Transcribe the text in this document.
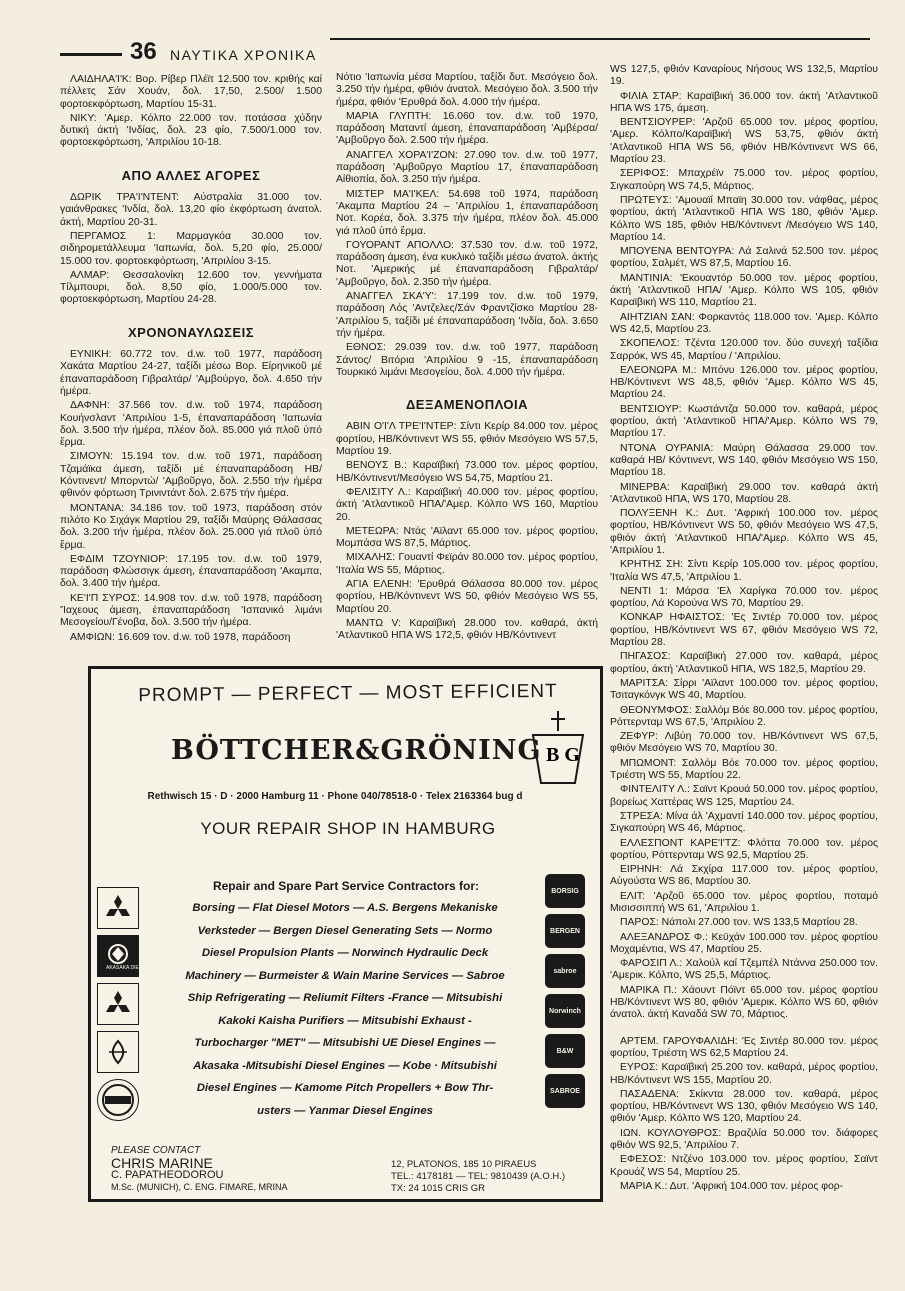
36 ΝΑΥΤΙΚΑ ΧΡΟΝΙΚΑ

ΛΑΙΔΗΛΑ'Ι'Κ: Βορ. Ρίβερ Πλέϊτ 12.500 τον. κριθής καί πέλλετς Σάν Χουάν, δολ. 17,50, 2.500/ 1.500 φορτοεκφόρτωση, Μαρτίου 15-31.

ΝΙΚΥ: 'Αμερ. Κόλπο 22.000 τον. ποτάσσα χύδην δυτική άκτή 'Ινδίας, δολ. 23 φίο, 7.500/1.000 τον. φορτοεκφόρτωση, 'Απριλίου 10-18.

ΑΠΟ ΑΛΛΕΣ ΑΓΟΡΕΣ

ΔΩΡΙΚ ΤΡΑ'Ι'ΝΤΕΝΤ: Αύστραλία 31.000 τον. γαιάνθρακες 'Ινδία, δολ. 13,20 φίο έκφόρτωση άνατολ. άκτή, Μαρτίου 20-31.

ΠΕΡΓΑΜΟΣ 1: Μαρμαγκόα 30.000 τον. σιδηρομετάλλευμα 'Ιαπωνία, δολ. 5,20 φίο, 25.000/ 15.000 τον. φορτοεκφόρτωση, 'Απριλίου 3-15.

ΑΛΜΑΡ: Θεσσαλονίκη 12.600 τον. γεννήματα Τίλμπουρι, δολ. 8,50 φίο, 1.000/5.000 τον. φορτοεκφόρτωση, Μαρτίου 24-28.

ΧΡΟΝΟΝΑΥΛΩΣΕΙΣ

ΕΥΝΙΚΗ: 60.772 τον. d.w. τοῦ 1977, παράδοση Χακάτα Μαρτίου 24-27, ταξίδι μέσω Βορ. Είρηνικοῦ μέ έπαναπαράδοση Γιβραλτάρ/ 'Αμβούργο, δολ. 4.650 τήν ήμέρα.

ΔΑΦΝΗ: 37.566 τον. d.w. τοῦ 1974, παράδοση Κουήνσλαντ 'Απριλίου 1-5, έπαναπαράδοση 'Ιαπωνία δολ. 3.500 τήν ήμέρα, πλέον δολ. 85.000 γιά πλοῦ ὑπό ἕρμα.

ΣΙΜΟΥΝ: 15.194 τον. d.w. τοῦ 1971, παράδοση Τζαμάϊκα άμεση, ταξίδι μέ έπαναπαράδοση ΗΒ/ Κόντινεντ/ Μπορντώ/ 'Αμβοῦργο, δολ. 2.550 τήν ήμέρα φθινόν φόρτωση Τρινιντάντ δολ. 2.675 τήν ήμέρα.

ΜΟΝΤΑΝΑ: 34.186 τον. τοῦ 1973, παράδοση στόν πιλότο Κο Σιχάγκ Μαρτίου 29, ταξίδι Μαύρης Θάλασσας δολ. 3.200 τήν ήμέρα, πλέον δολ. 25.000 γιά πλοῦ ὑπό ἕρμα.

ΕΦΔΙΜ ΤΖΟΥΝΙΟΡ: 17.195 τον. d.w. τοῦ 1979, παράδοση Φλώσσιγκ άμεση, έπαναπαράδοση 'Ακαμπα, δολ. 3.400 τήν ήμέρα.

ΚΕ'Ι'Π ΣΥΡΟΣ: 14.908 τον. d.w. τοῦ 1978, παράδοση 'Ίαχεους άμεση, έπαναπαράδοση 'Ισπανικό λιμάνι Μεσογείου/Γένοβα, δολ. 3.500 τήν ήμέρα.

ΑΜΦΙΩΝ: 16.609 τον. d.w. τοῦ 1978, παράδοση

Νότιο 'Ιαπωνία μέσα Μαρτίου, ταξίδι δυτ. Μεσόγειο δολ. 3.250 τήν ήμέρα, φθιόν άνατολ. Μεσόγειο δολ. 3.500 τήν ήμέρα, φθιόν 'Ερυθρά δολ. 4.000 τήν ήμέρα.

ΜΑΡΙΑ ΓΛΥΠΤΗ: 16.060 τον. d.w. τοῦ 1970, παράδοση Ματαντί άμεση, έπαναπαράδοση 'Αμβέρσα/ 'Αμβοῦργο δολ. 2.500 τήν ήμέρα.

ΑΝΑΓΓΕΛ ΧΟΡΑ'Ι'ΖΟΝ: 27.090 τον. d.w. τοῦ 1977, παράδοση 'Αμβοῦργο Μαρτίου 17, έπαναπαράδοση Αἰθιοπία, δολ. 3.250 τήν ήμέρα.

ΜΙΣΤΕΡ ΜΑ'Ι'ΚΕΛ: 54.698 τοῦ 1974, παράδοση 'Ακαμπα Μαρτίου 24 – 'Απριλίου 1, έπαναπαράδοση Νοτ. Κορέα, δολ. 3.375 τήν ήμέρα, πλέον δολ. 45.000 γιά πλοῦ ὑπό ἕρμα.

ΓΟΥΟΡΑΝΤ ΑΠΟΛΛΟ: 37.530 τον. d.w. τοῦ 1972, παράδοση άμεση, ένα κυκλικό ταξίδι μέσω άνατολ. άκτής Νοτ. 'Αμερικής μέ έπαναπαράδοση Γιβραλτάρ/ 'Αμβοῦργο, δολ. 2.350 τήν ήμέρα.

ΑΝΑΓΓΕΛ ΣΚΑ'Υ': 17.199 τον. d.w. τοῦ 1979, παράδοση Λός 'Αντζελες/Σάν Φραντζίσκο Μαρτίου 28- 'Απριλίου 5, ταξίδι μέ έπαναπαράδοση 'Ινδία, δολ. 3.650 τήν ήμέρα.

ΕΘΝΟΣ: 29.039 τον. d.w. τοῦ 1977, παράδοση Σάντος/ Βιτόρια 'Απριλίου 9 -15, έπαναπαράδοση Τουρκικό λιμάνι Μεσογείου, δολ. 4.000 τήν ήμέρα.

ΔΕΞΑΜΕΝΟΠΛΟΙΑ

ΑΒΙΝ Ο'Ι'Λ ΤΡΕ'Ι'ΝΤΕΡ: Σίντι Κερίρ 84.000 τον. μέρος φορτίου, ΗΒ/Κόντινεντ WS 55, φθιόν Μεσόγειο WS 57,5, Μαρτίου 19.

ΒΕΝΟΥΣ Β.: Καραϊβική 73.000 τον. μέρος φορτίου, ΗΒ/Κόντινεντ/Μεσόγειο WS 54,75, Μαρτίου 21.

ΦΕΛΙΣΙΤΥ Λ.: Καραϊβική 40.000 τον. μέρος φορτίου, άκτή 'Ατλαντικοῦ ΗΠΑ/'Αμερ. Κόλπο WS 160, Μαρτίου 20.

ΜΕΤΕΩΡΑ: Ντάς 'Αϊλαντ 65.000 τον. μέρος φορτίου, Μομπάσα WS 87,5, Μάρτιος.

ΜΙΧΑΛΗΣ: Γουαντί Φεϊράν 80.000 τον. μέρος φορτίου, 'Ιταλία WS 55, Μάρτιος.

ΑΓΙΑ ΕΛΕΝΗ: 'Ερυθρά Θάλασσα 80.000 τον. μέρος φορτίου, ΗΒ/Κόντινεντ WS 50, φθιόν Μεσόγειο WS 55, Μαρτίου 20.

ΜΑΝΤΩ V: Καραϊβική 28.000 τον. καθαρά, άκτή 'Ατλαντικοῦ ΗΠΑ WS 172,5, φθιόν ΗΒ/Κόντινεντ

WS 127,5, φθιόν Καναρίους Νήσους WS 132,5, Μαρτίου 19.

ΦΙΛΙΑ ΣΤΑΡ: Καραϊβική 36.000 τον. άκτή 'Ατλαντικοῦ ΗΠΑ WS 175, άμεση.

ΒΕΝΤΣΙΟΥΡΕΡ: 'Αρζοῦ 65.000 τον. μέρος φορτίου, 'Αμερ. Κόλπο/Καραϊβική WS 53,75, φθιόν άκτή 'Ατλαντικοῦ ΗΠΑ WS 56, φθιόν ΗΒ/Κόντινεντ WS 66, Μαρτίου 23.

ΣΕΡΙΦΟΣ: Μπαχρέϊν 75.000 τον. μέρος φορτίου, Σιγκαπούρη WS 74,5, Μάρτιος.

ΠΡΩΤΕΥΣ: 'Αμουαϊί Μπαϊη 30.000 τον. νάφθας, μέρος φορτίου, άκτή 'Ατλαντικοῦ ΗΠΑ WS 180, φθιόν 'Αμερ. Κόλπο WS 185, φθιόν ΗΒ/Κόντινεντ /Μεσόγειο WS 140, Μαρτίου 14.

ΜΠΟΥΕΝΑ ΒΕΝΤΟΥΡΑ: Λά Σαλινά 52.500 τον. μέρος φορτίου, Σαλμέτ, WS 87,5, Μαρτίου 16.

ΜΑΝΤΙΝΙΑ: 'Εκουαντόρ 50.000 τον. μέρος φορτίου, άκτή 'Ατλαντικοῦ ΗΠΑ/ 'Αμερ. Κόλπο WS 105, φθιόν Καραϊβική WS 110, Μαρτίου 21.

ΑΙΗΤΖΙΑΝ ΣΑΝ: Φορκαντός 118.000 τον. 'Αμερ. Κόλπο WS 42,5, Μαρτίου 23.

ΣΚΟΠΕΛΟΣ: Τζέντα 120.000 τον. δύο συνεχή ταξίδια Σαρρόκ, WS 45, Μαρτίου / 'Απριλίου.

ΕΛΕΟΝΩΡΑ Μ.: Μπόνυ 126.000 τον. μέρος φορτίου, ΗΒ/Κόντινεντ WS 48,5, φθιόν 'Αμερ. Κόλπο WS 45, Μαρτίου 24.

ΒΕΝΤΣΙΟΥΡ: Κωστάντζα 50.000 τον. καθαρά, μέρος φορτίου, άκτή 'Ατλαντικοῦ ΗΠΑ/'Αμερ. Κόλπο WS 79, Μαρτίου 17.

ΝΤΟΝΑ ΟΥΡΑΝΙΑ: Μαύρη Θάλασσα 29.000 τον. καθαρά ΗΒ/ Κόντινεντ, WS 140, φθιόν Μεσόγειο WS 150, Μαρτίου 18.

ΜΙΝΕΡΒΑ: Καραϊβική 29.000 τον. καθαρά άκτή 'Ατλαντικοῦ ΗΠΑ, WS 170, Μαρτίου 28.

ΠΟΛΥΞΕΝΗ Κ.: Δυτ. 'Αφρική 100.000 τον. μέρος φορτίου, ΗΒ/Κόντινεντ WS 50, φθιόν Μεσόγειο WS 47,5, φθιόν άκτή 'Ατλαντικοῦ ΗΠΑ/'Αμερ. Κόλπο WS 45, 'Απριλίου 1.

ΚΡΗΤΗΣ ΣΗ: Σίντι Κερίρ 105.000 τον. μέρος φορτίου, 'Ιταλία WS 47,5, 'Απριλίου 1.

ΝΕΝΤΙ 1: Μάρσα 'Ελ Χαρίγκα 70.000 τον. μέρος φορτίου, Λά Κορούνα WS 70, Μαρτίου 29.

ΚΟΝΚΑΡ ΗΦΑΙΣΤΟΣ: 'Ες Σιντέρ 70.000 τον. μέρος φορτίου, ΗΒ/Κόντινεντ WS 67, φθιόν Μεσόγειο WS 72, Μαρτίου 28.

ΠΗΓΑΣΟΣ: Καραϊβική 27.000 τον. καθαρά, μέρος φορτίου, άκτή 'Ατλαντικοῦ ΗΠΑ, WS 182,5, Μαρτίου 29.

ΜΑΡΙΤΣΑ: Σίρρι 'Αϊλαντ 100.000 τον. μέρος φορτίου, Τσιταγκόνγκ WS 40, Μαρτίου.

ΘΕΟΝΥΜΦΟΣ: Σαλλόμ Βόε 80.000 τον. μέρος φορτίου, Ρόττερνταμ WS 67,5, 'Απριλίου 2.

ΖΕΦΥΡ: Λιβύη 70.000 τον. ΗΒ/Κόντινεντ WS 67,5, φθιόν Μεσόγειο WS 70, Μαρτίου 30.

ΜΠΩΜΟΝΤ: Σαλλόμ Βόε 70.000 τον. μέρος φορτίου, Τριέστη WS 55, Μαρτίου 22.

ΦΙΝΤΕΛΙΤΥ Λ.: Σαϊντ Κρουά 50.000 τον. μέρος φορτίου, βορείως Χαττέρας WS 125, Μαρτίου 24.

ΣΤΡΕΣΑ: Μίνα άλ 'Αχμαντί 140.000 τον. μέρος φορτίου, Σιγκαπούρη WS 46, Μάρτιος.

ΕΛΛΕΣΠΟΝΤ ΚΑΡΕ'Ι'ΤΖ: Φλόττα 70.000 τον. μέρος φορτίου, Ρόττερνταμ WS 92,5, Μαρτίου 25.

ΕΙΡΗΝΗ: Λά Σκχίρα 117.000 τον. μέρος φορτίου, Αὐγούστα WS 86, Μαρτίου 30.

ΕΛΙΤ: 'Αρζοῦ 65.000 τον. μέρος φορτίου, ποταμό Μισισσιππή WS 61, 'Απριλίου 1.

ΠΑΡΟΣ: Νάπολι 27.000 τον. WS 133,5 Μαρτίου 28.

ΑΛΕΞΑΝΔΡΟΣ Φ.: Κεϋχάν 100.000 τον. μέρος φορτίου Μοχαμέντια, WS 47, Μαρτίου 25.

ΦΑΡΟΣΙΠ Λ.: Χαλούλ καί Τζεμπέλ Ντάννα 250.000 τον. 'Αμερικ. Κόλπο, WS 25,5, Μάρτιος.

ΜΑΡΙΚΑ Π.: Χάουντ Πόϊντ 65.000 τον. μέρος φορτίου ΗΒ/Κόντινεντ WS 80, φθιόν 'Αμερικ. Κόλπο WS 60, φθιόν άνατολ. άκτή Καναδά SW 70, Μάρτιος.

ΑΡΤΕΜ. ΓΑΡΟΥΦΑΛΙΔΗ: 'Ες Σιντέρ 80.000 τον. μέρος φορτίου, Τριέστη WS 62,5 Μαρτίου 24.

ΕΥΡΟΣ: Καραϊβική 25.200 τον. καθαρά, μέρος φορτίου, ΗΒ/Κόντινεντ WS 155, Μαρτίου 20.

ΠΑΣΑΔΕΝΑ: Σκίκντα 28.000 τον. καθαρά, μέρος φορτίου, ΗΒ/Κόντινεντ WS 130, φθιόν Μεσόγειο WS 140, φθιόν 'Αμερ. Κόλπο WS 120, Μαρτίου 24.

ΙΩΝ. ΚΟΥΛΟΥΘΡΟΣ: Βραζιλία 50.000 τον. διάφορες φθιόν WS 92,5, 'Απριλίου 7.

ΕΦΕΣΟΣ: Ντζένο 103.000 τον. μέρος φορτίου, Σαϊντ Κρουάζ WS 54, Μαρτίου 25.

ΜΑΡΙΑ Κ.: Δυτ. 'Αφρική 104.000 τον. μέρος φορ-

PROMPT — PERFECT — MOST EFFICIENT
BÖTTCHER&GRÖNING B G
Rethwisch 15 · D · 2000 Hamburg 11 · Phone 040/78518-0 · Telex 2163364 bug d
YOUR REPAIR SHOP IN HAMBURG
AKASAKA DIESEL
BORSIG
BERGEN
sabroe
Norwinch
B&W
SABROE
Repair and Spare Part Service Contractors for:
Borsing — Flat Diesel Motors — A.S. Bergens Mekaniske
Verksteder — Bergen Diesel Generating Sets — Normo
Diesel Propulsion Plants — Norwinch Hydraulic Deck
Machinery — Burmeister & Wain Marine Services — Sabroe
Ship Refrigerating — Reliumit Filters -France — Mitsubishi
Kakoki Kaisha Purifiers — Mitsubishi Exhaust -
Turbocharger "MET" — Mitsubishi UE Diesel Engines —
Akasaka -Mitsubishi Diesel Engines — Kobe · Mitsubishi
Diesel Engines — Kamome Pitch Propellers + Bow Thr-
usters — Yanmar Diesel Engines
PLEASE CONTACT
CHRIS MARINE
C. PAPATHEODOROU
M.Sc. (MUNICH), C. ENG. FIMARE, MRINA
12, PLATONOS, 185 10 PIRAEUS
TEL.: 4178181 — TEL: 9810439 (A.O.H.)
TX: 24 1015 CRIS GR
